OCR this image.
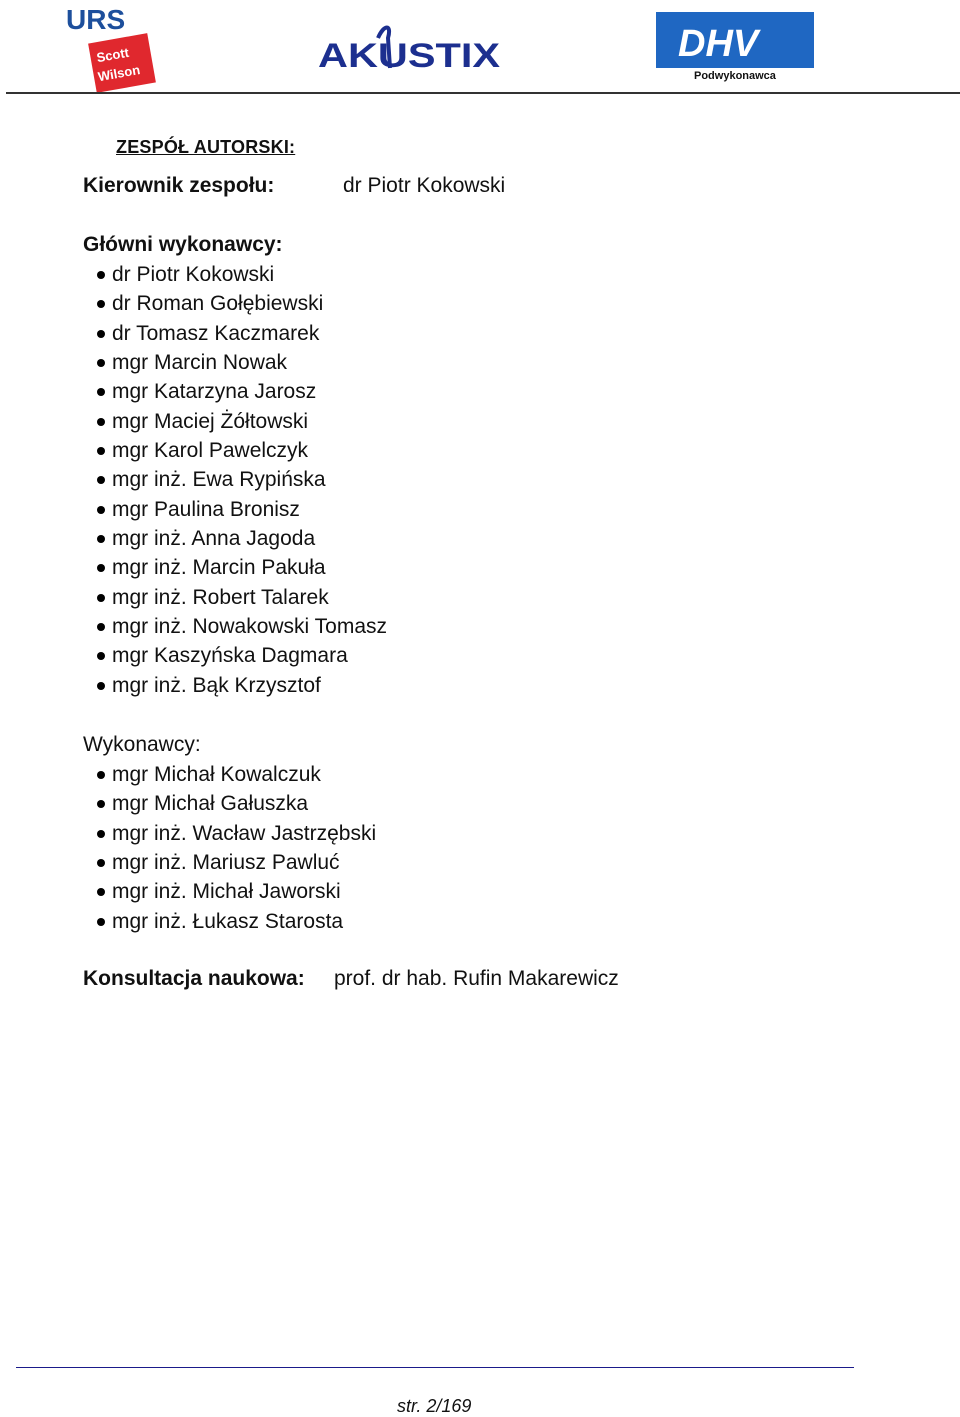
URS
Scott
Wilson	AKUSTIX	DHV
Podwykonawca
ZESPÓŁ AUTORSKI:
Kierownik zespołu:	dr Piotr Kokowski
Główni wykonawcy:
dr Piotr Kokowski
dr Roman Gołębiewski
dr Tomasz Kaczmarek
mgr Marcin Nowak
mgr Katarzyna Jarosz
mgr Maciej Żółtowski
mgr Karol Pawelczyk
mgr inż. Ewa Rypińska
mgr Paulina Bronisz
mgr inż. Anna Jagoda
mgr inż. Marcin Pakuła
mgr inż. Robert Talarek
mgr inż. Nowakowski Tomasz
mgr Kaszyńska Dagmara
mgr inż. Bąk Krzysztof
Wykonawcy:
mgr Michał Kowalczuk
mgr Michał Gałuszka
mgr inż. Wacław Jastrzębski
mgr inż. Mariusz Pawluć
mgr inż. Michał Jaworski
mgr inż. Łukasz Starosta
Konsultacja naukowa: prof. dr hab. Rufin Makarewicz
str. 2/169
